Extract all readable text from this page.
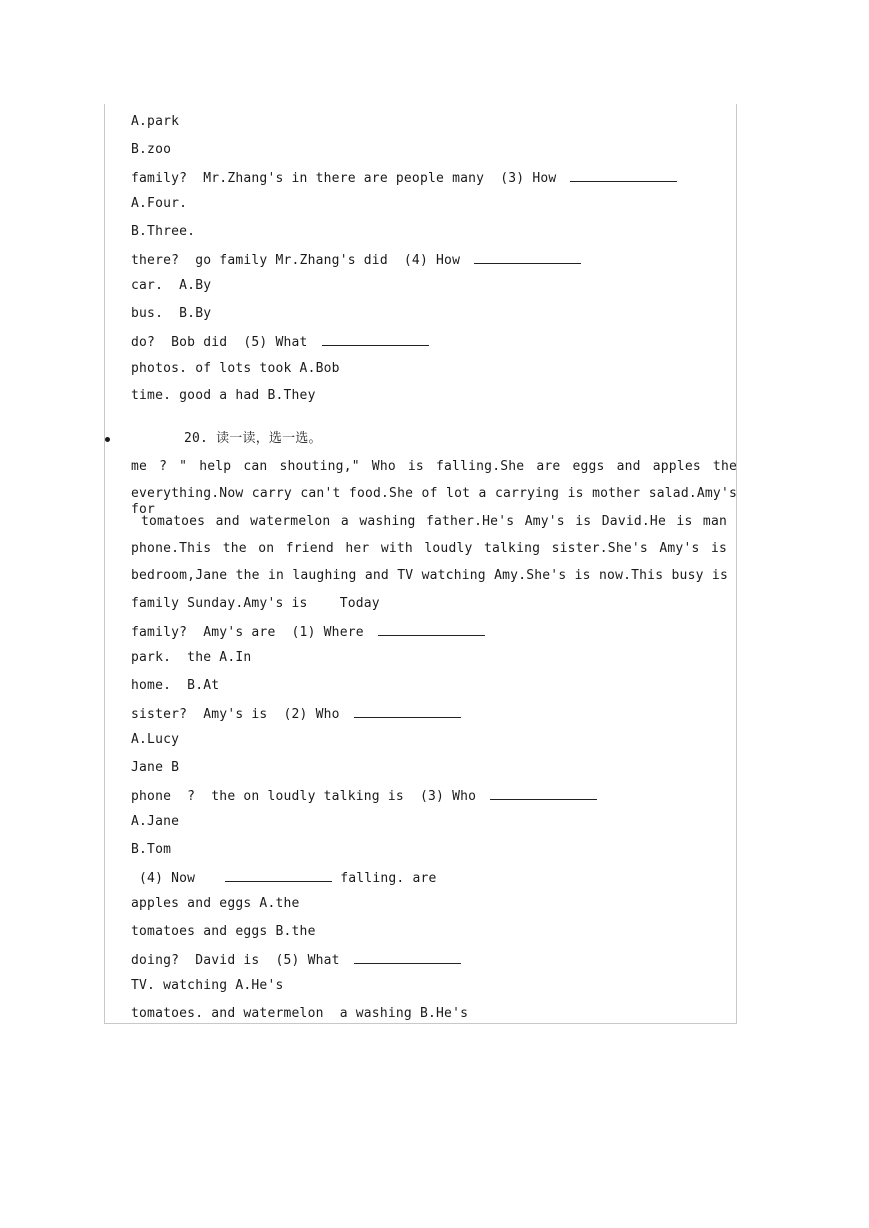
A.park
B.zoo
family?  Mr.Zhang's in there are people many  (3) How
A.Four.
B.Three.
there?  go family Mr.Zhang's did  (4) How
car.  A.By
bus.  B.By
do?  Bob did  (5) What
photos. of lots took A.Bob
time. good a had B.They
20. 读一读，选一选。
me ? " help can shouting," Who is falling.She are eggs and apples the
everything.Now carry can't food.She of lot a carrying is mother salad.Amy's for
tomatoes and watermelon a washing father.He's Amy's is David.He is man
phone.This the on friend her with loudly talking sister.She's Amy's is
bedroom,Jane the in laughing and TV watching Amy.She's is now.This busy is
family Sunday.Amy's is    Today
family?  Amy's are  (1) Where
park.  the A.In
home.  B.At
sister?  Amy's is  (2) Who
A.Lucy
Jane B
phone  ?  the on loudly talking is  (3) Who
A.Jane
B.Tom
(4) Now	falling. are
apples and eggs A.the
tomatoes and eggs B.the
doing?  David is  (5) What
TV. watching A.He's
tomatoes. and watermelon  a washing B.He's
